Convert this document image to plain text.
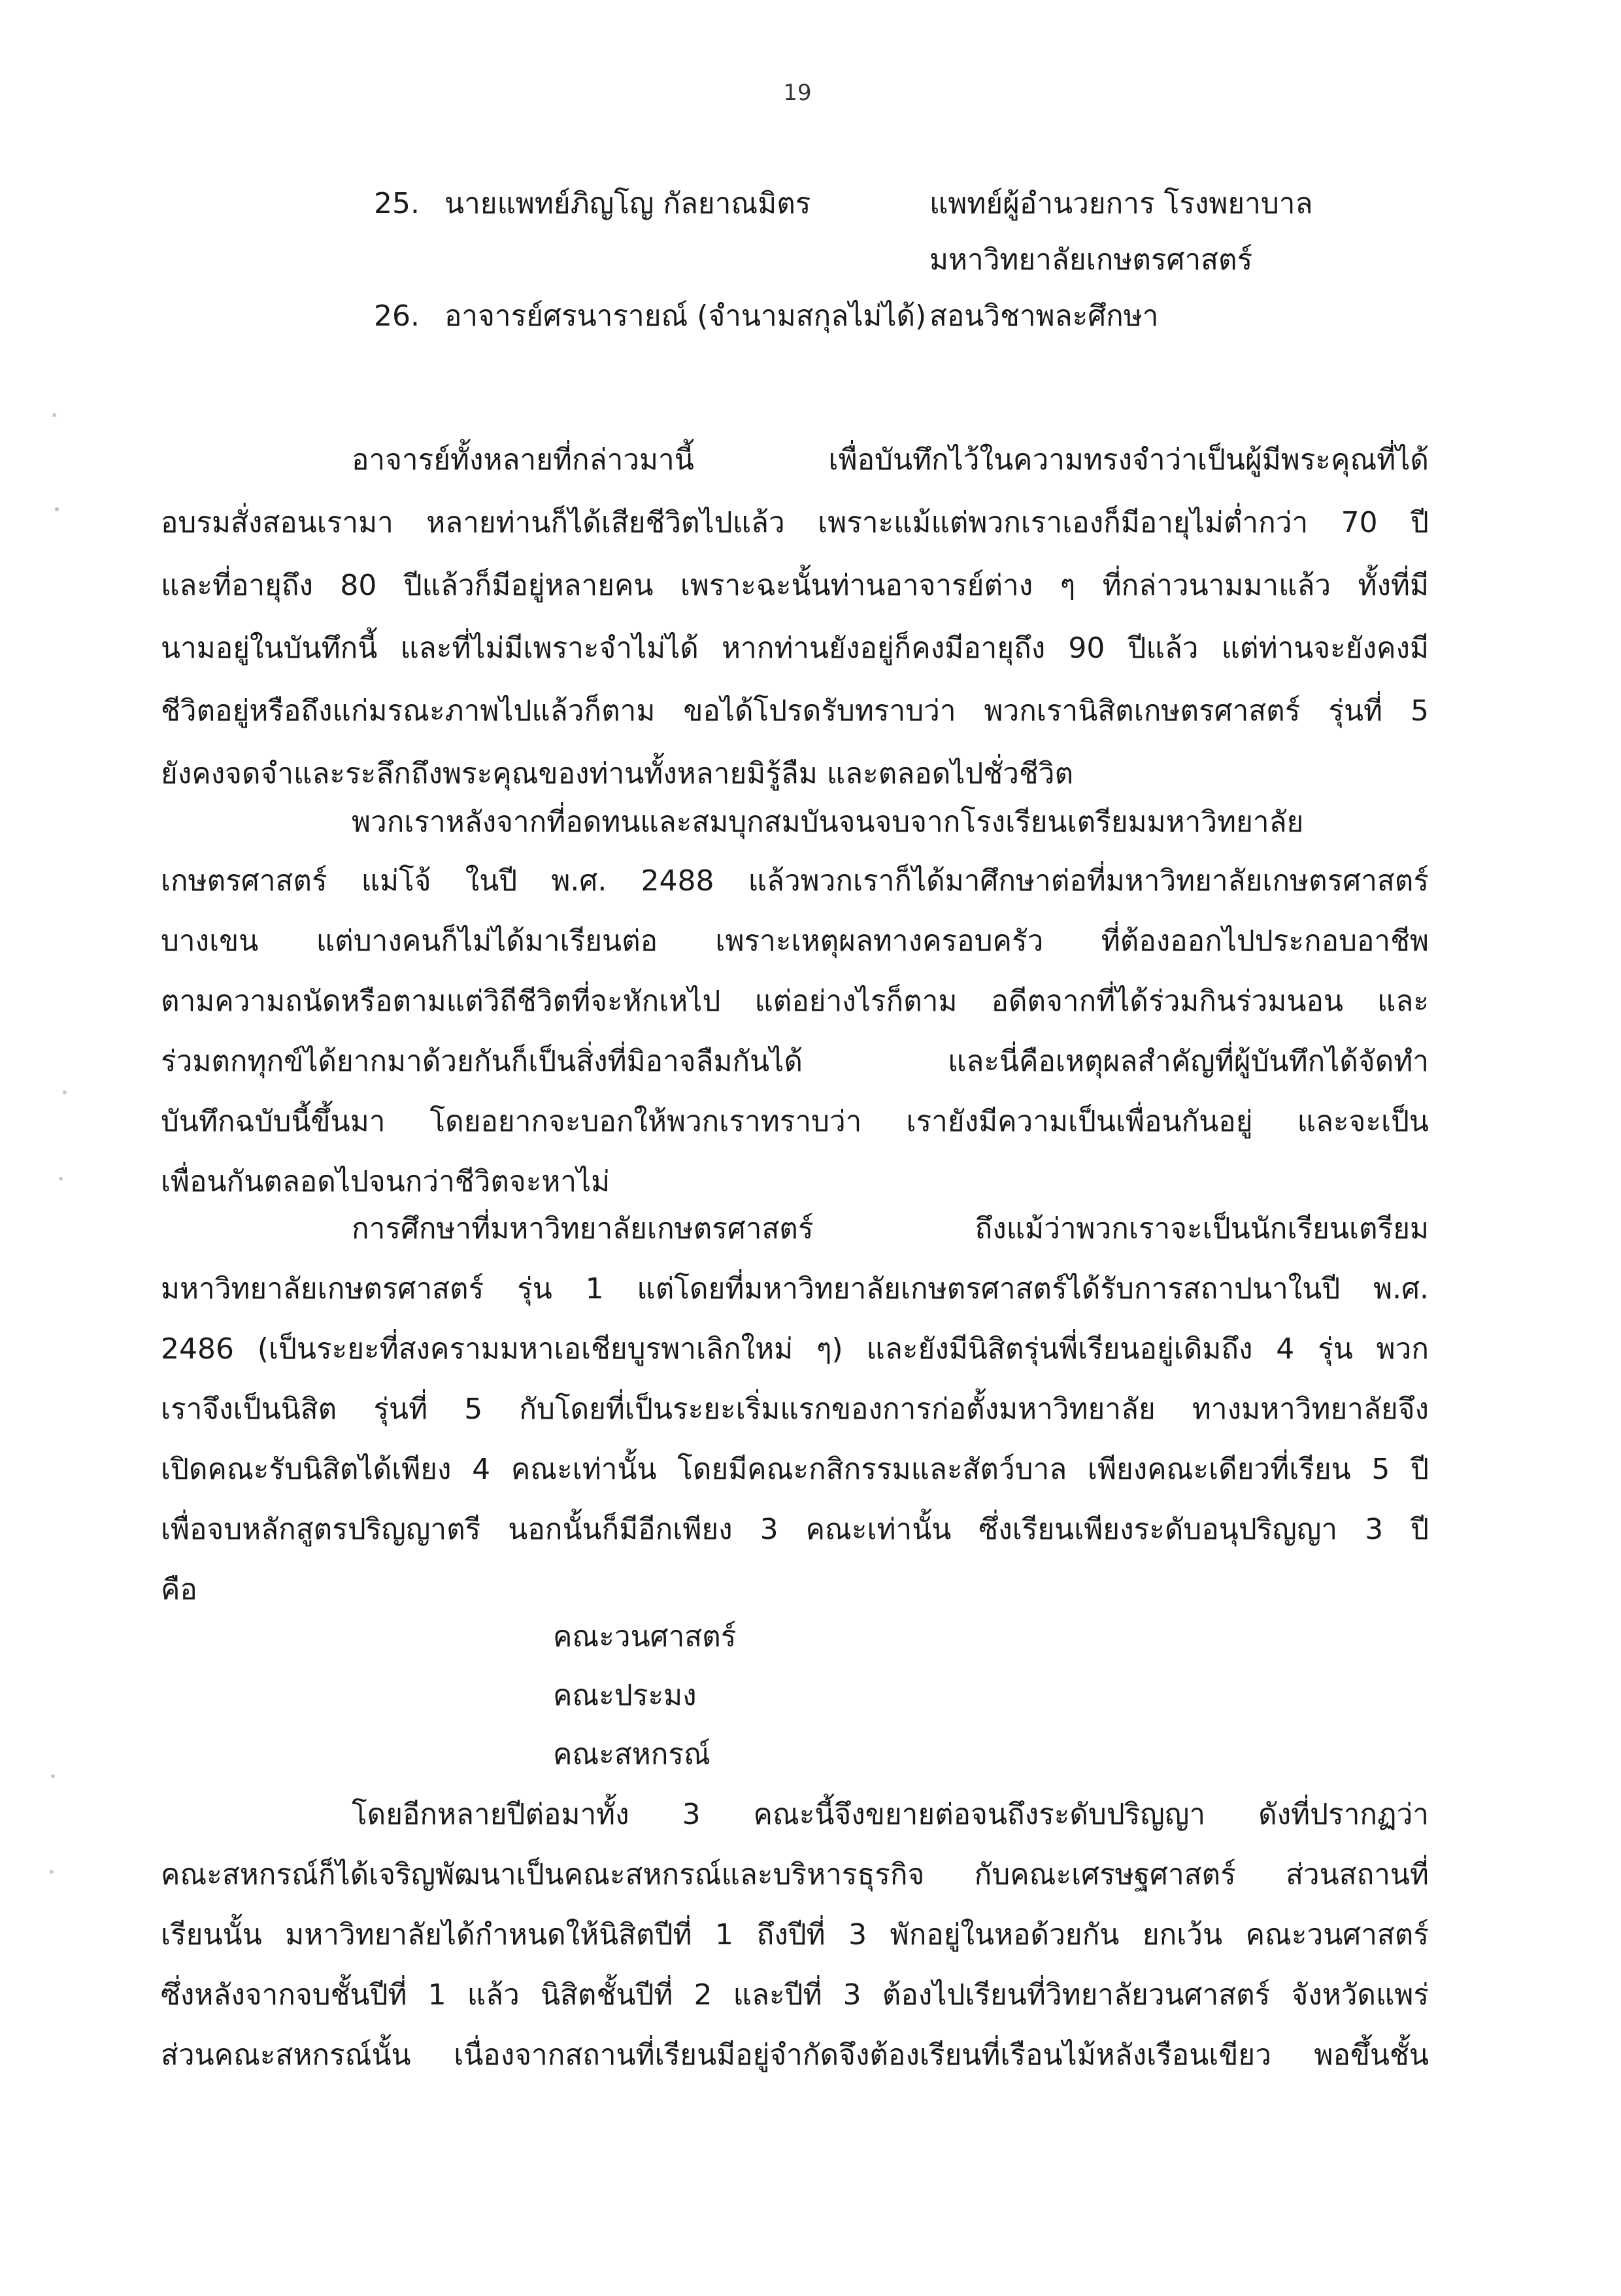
19
25. นายแพทย์ภิญโญ กัลยาณมิตร	แพทย์ผู้อำนวยการ โรงพยาบาล
มหาวิทยาลัยเกษตรศาสตร์
26. อาจารย์ศรนารายณ์ (จำนามสกุลไม่ได้) สอนวิชาพละศึกษา
อาจารย์ทั้งหลายที่กล่าวมานี้ เพื่อบันทึกไว้ในความทรงจำว่าเป็นผู้มีพระคุณที่ได้
อบรมสั่งสอนเรามา หลายท่านก็ได้เสียชีวิตไปแล้ว เพราะแม้แต่พวกเราเองก็มีอายุไม่ต่ำกว่า 70 ปี
และที่อายุถึง 80 ปีแล้วก็มีอยู่หลายคน เพราะฉะนั้นท่านอาจารย์ต่าง ๆ ที่กล่าวนามมาแล้ว ทั้งที่มี
นามอยู่ในบันทึกนี้ และที่ไม่มีเพราะจำไม่ได้ หากท่านยังอยู่ก็คงมีอายุถึง 90 ปีแล้ว แต่ท่านจะยังคงมี
ชีวิตอยู่หรือถึงแก่มรณะภาพไปแล้วก็ตาม ขอได้โปรดรับทราบว่า พวกเรานิสิตเกษตรศาสตร์ รุ่นที่ 5
ยังคงจดจำและระลึกถึงพระคุณของท่านทั้งหลายมิรู้ลืม และตลอดไปชั่วชีวิต
พวกเราหลังจากที่อดทนและสมบุกสมบันจนจบจากโรงเรียนเตรียมมหาวิทยาลัย
เกษตรศาสตร์ แม่โจ้ ในปี พ.ศ. 2488 แล้วพวกเราก็ได้มาศึกษาต่อที่มหาวิทยาลัยเกษตรศาสตร์
บางเขน แต่บางคนก็ไม่ได้มาเรียนต่อ เพราะเหตุผลทางครอบครัว ที่ต้องออกไปประกอบอาชีพ
ตามความถนัดหรือตามแต่วิถีชีวิตที่จะหักเหไป แต่อย่างไรก็ตาม อดีตจากที่ได้ร่วมกินร่วมนอน และ
ร่วมตกทุกข์ได้ยากมาด้วยกันก็เป็นสิ่งที่มิอาจลืมกันได้ และนี่คือเหตุผลสำคัญที่ผู้บันทึกได้จัดทำ
บันทึกฉบับนี้ขึ้นมา โดยอยากจะบอกให้พวกเราทราบว่า เรายังมีความเป็นเพื่อนกันอยู่ และจะเป็น
เพื่อนกันตลอดไปจนกว่าชีวิตจะหาไม่
การศึกษาที่มหาวิทยาลัยเกษตรศาสตร์ ถึงแม้ว่าพวกเราจะเป็นนักเรียนเตรียม
มหาวิทยาลัยเกษตรศาสตร์ รุ่น 1 แต่โดยที่มหาวิทยาลัยเกษตรศาสตร์ได้รับการสถาปนาในปี พ.ศ.
2486 (เป็นระยะที่สงครามมหาเอเชียบูรพาเลิกใหม่ ๆ) และยังมีนิสิตรุ่นพี่เรียนอยู่เดิมถึง 4 รุ่น พวก
เราจึงเป็นนิสิต รุ่นที่ 5 กับโดยที่เป็นระยะเริ่มแรกของการก่อตั้งมหาวิทยาลัย ทางมหาวิทยาลัยจึง
เปิดคณะรับนิสิตได้เพียง 4 คณะเท่านั้น โดยมีคณะกสิกรรมและสัตว์บาล เพียงคณะเดียวที่เรียน 5 ปี
เพื่อจบหลักสูตรปริญญาตรี นอกนั้นก็มีอีกเพียง 3 คณะเท่านั้น ซึ่งเรียนเพียงระดับอนุปริญญา 3 ปี
คือ
คณะวนศาสตร์
คณะประมง
คณะสหกรณ์
โดยอีกหลายปีต่อมาทั้ง 3 คณะนี้จึงขยายต่อจนถึงระดับปริญญา ดังที่ปรากฏว่า
คณะสหกรณ์ก็ได้เจริญพัฒนาเป็นคณะสหกรณ์และบริหารธุรกิจ กับคณะเศรษฐศาสตร์ ส่วนสถานที่
เรียนนั้น มหาวิทยาลัยได้กำหนดให้นิสิตปีที่ 1 ถึงปีที่ 3 พักอยู่ในหอด้วยกัน ยกเว้น คณะวนศาสตร์
ซึ่งหลังจากจบชั้นปีที่ 1 แล้ว นิสิตชั้นปีที่ 2 และปีที่ 3 ต้องไปเรียนที่วิทยาลัยวนศาสตร์ จังหวัดแพร่
ส่วนคณะสหกรณ์นั้น เนื่องจากสถานที่เรียนมีอยู่จำกัดจึงต้องเรียนที่เรือนไม้หลังเรือนเขียว พอขึ้นชั้น
